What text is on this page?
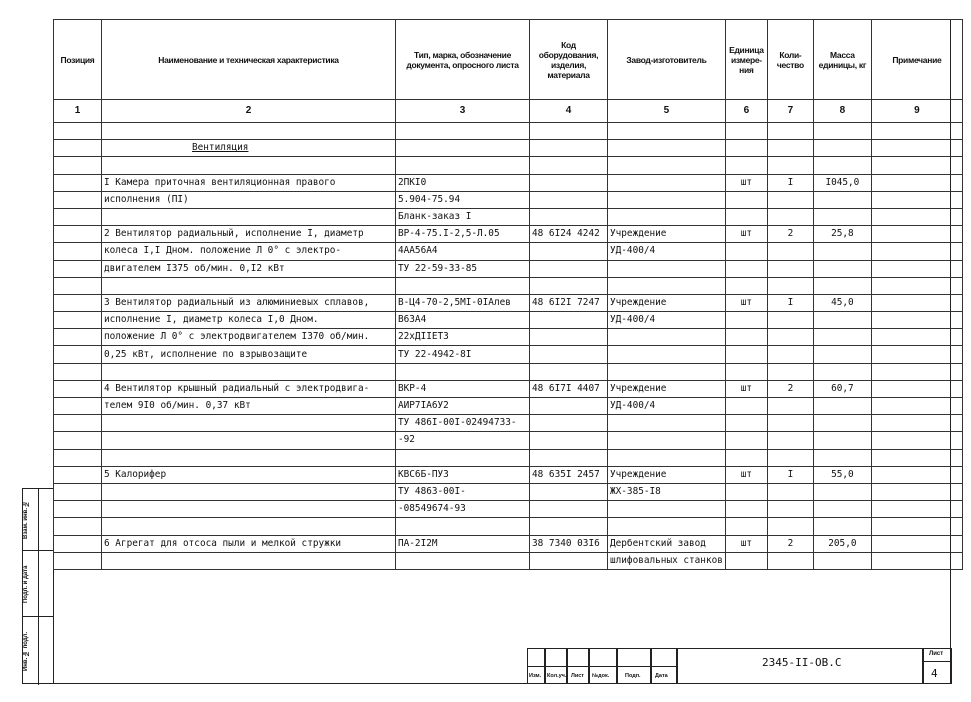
Взам. инв. №
Подп. и дата
Инв. № подл.
Позиция	Наименование и техническая характеристика	Тип, марка, обозначение документа, опросного листа	Код оборудования, изделия, материала	Завод-изготовитель	Единица измере-ния	Коли-чество	Масса единицы, кг	Примечание
1	2	3	4	5	6	7	8	9

	Вентиляция							

	I Камера приточная вентиляционная правого	2ПКI0			шт	I	I045,0	
	исполнения (ПI)	5.904-75.94						
		Бланк-заказ I						
	2 Вентилятор радиальный, исполнение I, диаметр	ВР-4-75.I-2,5-Л.05	48 6I24 4242	Учреждение	шт	2	25,8	
	колеса I,I Дном. положение Л 0° с электро-	4АА56А4		УД-400/4				
	двигателем I375 об/мин. 0,I2 кВт	ТУ 22-59-33-85						

	3 Вентилятор радиальный из алюминиевых сплавов,	В-Ц4-70-2,5МI-0IАлев	48 6I2I 7247	Учреждение	шт	I	45,0	
	исполнение I, диаметр колеса I,0 Дном.	В63А4		УД-400/4				
	положение Л 0° с электродвигателем I370 об/мин.	22хДIIЕТ3						
	0,25 кВт, исполнение по взрывозащите	ТУ 22-4942-8I						

	4 Вентилятор крышный радиальный с электродвига-	ВКР-4	48 6I7I 4407	Учреждение	шт	2	60,7	
	телем 9I0 об/мин. 0,37 кВт	АИР7IА6У2		УД-400/4				
		ТУ 486I-00I-02494733-						
		-92						

	5 Калорифер	КВС6Б-ПУ3	48 635I 2457	Учреждение	шт	I	55,0	
		ТУ 4863-00I-		ЖХ-385-I8				
		-08549674-93						

	6 Агрегат для отсоса пыли и мелкой стружки	ПА-2I2М	38 7340 03I6	Дербентский завод	шт	2	205,0	
				шлифовальных станков				
Изм. Кол.уч. Лист №док.	Подп.	Дата
2345-II-ОВ.С
Лист
4
